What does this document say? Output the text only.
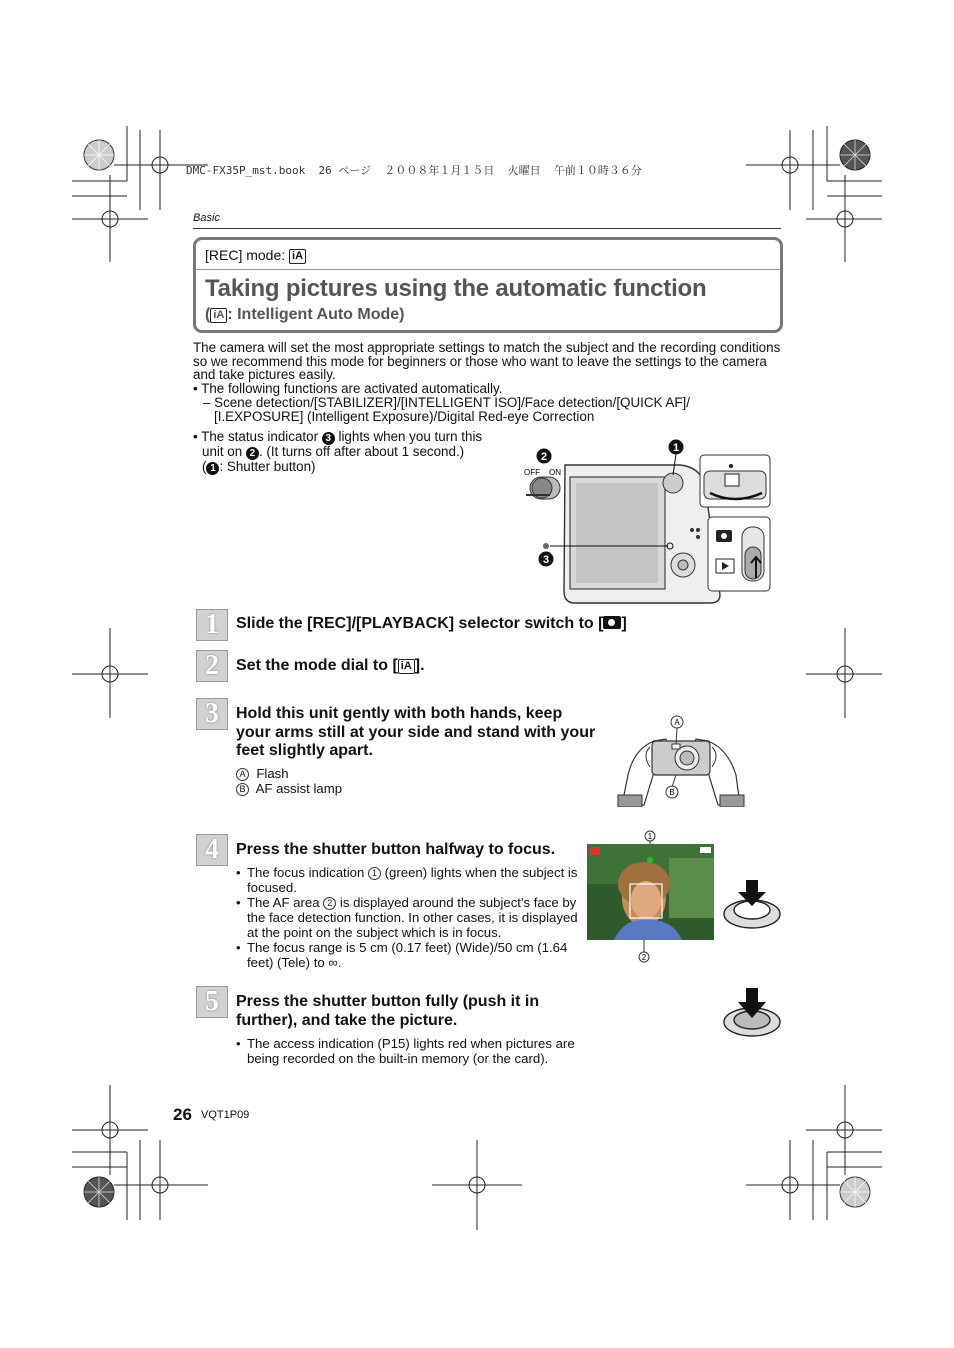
DMC-FX35P_mst.book  26 ページ  ２００８年１月１５日  火曜日  午前１０時３６分
Basic
[REC] mode: iA
Taking pictures using the automatic function
( iA : Intelligent Auto Mode)
The camera will set the most appropriate settings to match the subject and the recording conditions so we recommend this mode for beginners or those who want to leave the settings to the camera and take pictures easily.
• The following functions are activated automatically.
– Scene detection/[STABILIZER]/[INTELLIGENT ISO]/Face detection/[QUICK AF]/
[I.EXPOSURE] (Intelligent Exposure)/Digital Red-eye Correction
• The status indicator 3 lights when you turn this
unit on 2 . (It turns off after about 1 second.)
( 1 : Shutter button)	OFF ON
2
1
3
1	Slide the [REC]/[PLAYBACK] selector switch to [ ]
2	Set the mode dial to [ iA ].
3	Hold this unit gently with both hands, keep your arms still at your side and stand with your feet slightly apart.
A Flash
B AF assist lamp
A
B
4	Press the shutter button halfway to focus.
• The focus indication 1 (green) lights when the subject is focused.
• The AF area 2 is displayed around the subject's face by the face detection function. In other cases, it is displayed at the point on the subject which is in focus.
• The focus range is 5 cm (0.17 feet) (Wide)/50 cm (1.64 feet) (Tele) to ∞.
1
2
5	Press the shutter button fully (push it in further), and take the picture.
• The access indication (P15) lights red when pictures are being recorded on the built-in memory (or the card).
26 VQT1P09
